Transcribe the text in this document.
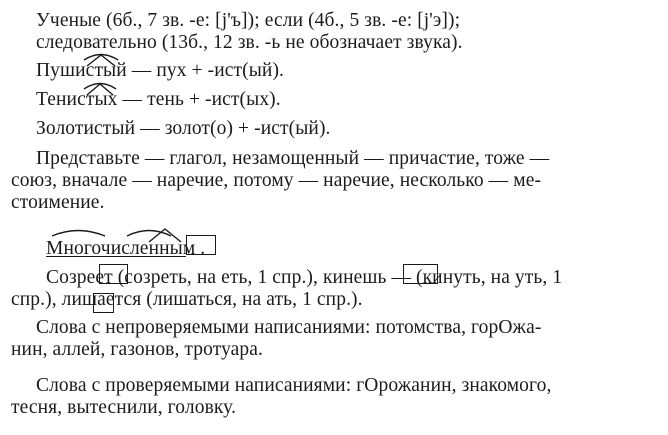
Ученые (6б., 7 зв. -е: [j'ъ]); если (4б., 5 зв. -е: [j'э]);
следовательно (13б., 12 зв. -ь не обозначает звука).
Пушистый — пух + -ист(ый).
Тенистых — тень + -ист(ых).
Золотистый — золот(о) + -ист(ый).
Представьте — глагол, незамощенный — причастие, тоже —
союз, вначале — наречие, потому — наречие, несколько — ме-
стоимение.
Многочисленным .
Созреет (созреть, на еть, 1 спр.), кинешь — (кинуть, на уть, 1
спр.), лишается (лишаться, на ать, 1 спр.).
Слова с непроверяемыми написаниями: потомства, горОжа-
нин, аллей, газонов, тротуара.
Слова с проверяемыми написаниями: гОрожанин, знакомого,
тесня, вытеснили, головку.
